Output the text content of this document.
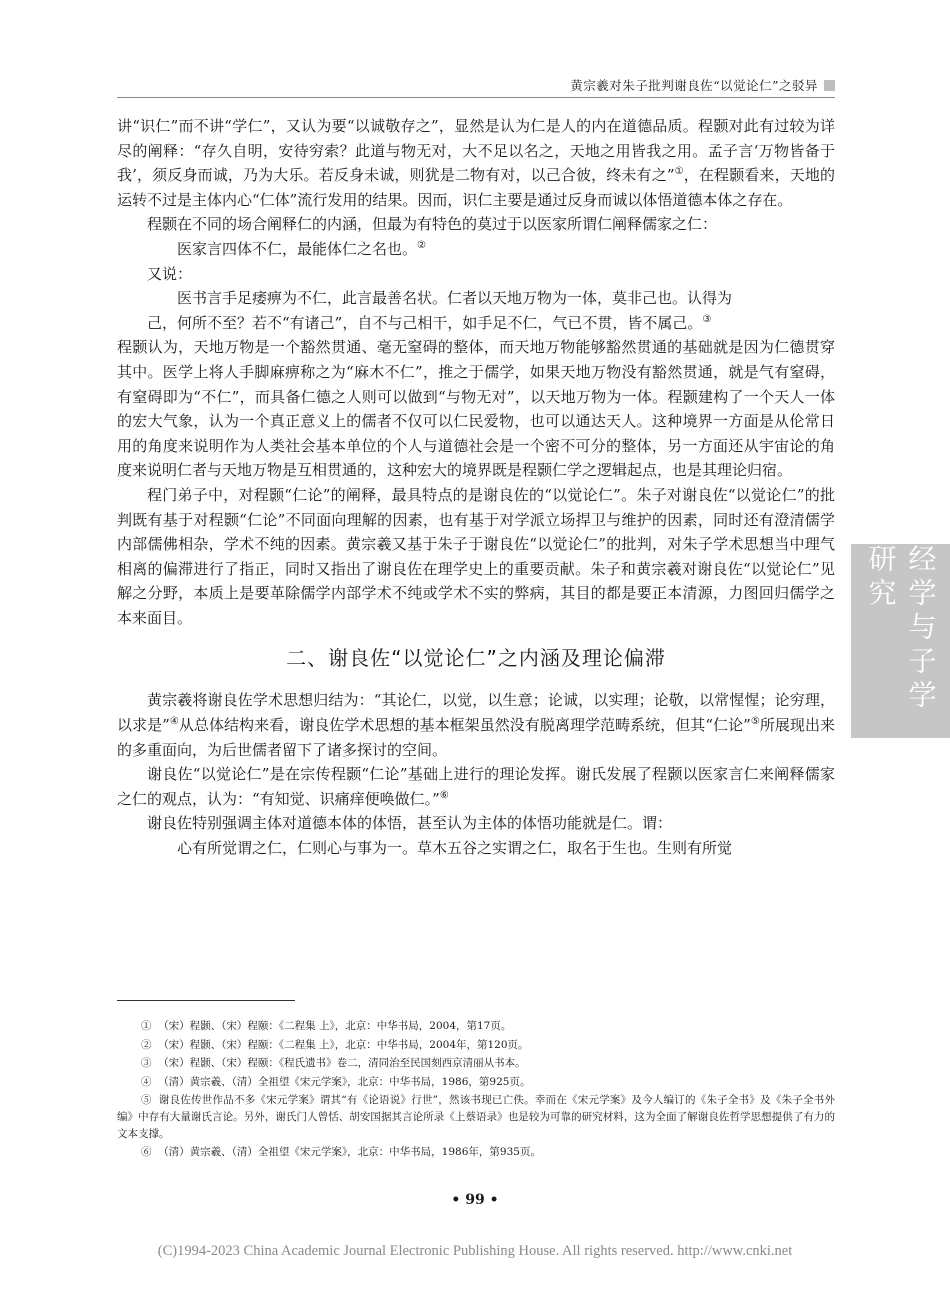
黄宗羲对朱子批判谢良佐“以觉论仁”之驳异
经学与子学研究

讲“识仁”而不讲“学仁”，又认为要“以诚敬存之”，显然是认为仁是人的内在道德品质。程颢对此有过较为详尽的阐释：“存久自明，安待穷索？此道与物无对，大不足以名之，天地之用皆我之用。孟子言‘万物皆备于我’，须反身而诚，乃为大乐。若反身未诚，则犹是二物有对，以己合彼，终未有之”①，在程颢看来，天地的运转不过是主体内心“仁体”流行发用的结果。因而，识仁主要是通过反身而诚以体悟道德本体之存在。

程颢在不同的场合阐释仁的内涵，但最为有特色的莫过于以医家所谓仁阐释儒家之仁：

医家言四体不仁，最能体仁之名也。②

又说：

医书言手足痿痹为不仁，此言最善名状。仁者以天地万物为一体，莫非己也。认得为

己，何所不至？若不“有诸己”，自不与己相干，如手足不仁，气已不贯，皆不属己。③

程颢认为，天地万物是一个豁然贯通、毫无窒碍的整体，而天地万物能够豁然贯通的基础就是因为仁德贯穿其中。医学上将人手脚麻痹称之为“麻木不仁”，推之于儒学，如果天地万物没有豁然贯通，就是气有窒碍，有窒碍即为“不仁”，而具备仁德之人则可以做到“与物无对”，以天地万物为一体。程颢建构了一个天人一体的宏大气象，认为一个真正意义上的儒者不仅可以仁民爱物，也可以通达天人。这种境界一方面是从伦常日用的角度来说明作为人类社会基本单位的个人与道德社会是一个密不可分的整体，另一方面还从宇宙论的角度来说明仁者与天地万物是互相贯通的，这种宏大的境界既是程颢仁学之逻辑起点，也是其理论归宿。

程门弟子中，对程颢“仁论”的阐释，最具特点的是谢良佐的“以觉论仁”。朱子对谢良佐“以觉论仁”的批判既有基于对程颢“仁论”不同面向理解的因素，也有基于对学派立场捍卫与维护的因素，同时还有澄清儒学内部儒佛相杂，学术不纯的因素。黄宗羲又基于朱子于谢良佐“以觉论仁”的批判，对朱子学术思想当中理气相离的偏滞进行了指正，同时又指出了谢良佐在理学史上的重要贡献。朱子和黄宗羲对谢良佐“以觉论仁”见解之分野，本质上是要革除儒学内部学术不纯或学术不实的弊病，其目的都是要正本清源，力图回归儒学之本来面目。

二、谢良佐“以觉论仁”之内涵及理论偏滞

黄宗羲将谢良佐学术思想归结为：“其论仁，以觉，以生意；论诚，以实理；论敬，以常惺惺；论穷理，以求是”④从总体结构来看，谢良佐学术思想的基本框架虽然没有脱离理学范畴系统，但其“仁论”⑤所展现出来的多重面向，为后世儒者留下了诸多探讨的空间。

谢良佐“以觉论仁”是在宗传程颢“仁论”基础上进行的理论发挥。谢氏发展了程颢以医家言仁来阐释儒家之仁的观点，认为：“有知觉、识痛痒便唤做仁。”⑥

谢良佐特别强调主体对道德本体的体悟，甚至认为主体的体悟功能就是仁。谓：

心有所觉谓之仁，仁则心与事为一。草木五谷之实谓之仁，取名于生也。生则有所觉

① （宋）程颢、（宋）程颐：《二程集 上》，北京：中华书局，2004，第17页。
② （宋）程颢、（宋）程颐：《二程集 上》，北京：中华书局，2004年，第120页。
③ （宋）程颢、（宋）程颐：《程氏遗书》卷二，清同治至民国刻西京清丽从书本。
④ （清）黄宗羲、（清）全祖望《宋元学案》，北京：中华书局，1986，第925页。
⑤ 谢良佐传世作品不多《宋元学案》谓其“有《论语说》行世”，然该书现已亡佚。幸而在《宋元学案》及今人编订的《朱子全书》及《朱子全书外编》中存有大量谢氏言论。另外，谢氏门人曾恬、胡安国据其言论所录《上蔡语录》也是较为可靠的研究材料，这为全面了解谢良佐哲学思想提供了有力的文本支撑。
⑥ （清）黄宗羲、（清）全祖望《宋元学案》，北京：中华书局，1986年，第935页。
• 99 •
(C)1994-2023 China Academic Journal Electronic Publishing House. All rights reserved. http://www.cnki.net
